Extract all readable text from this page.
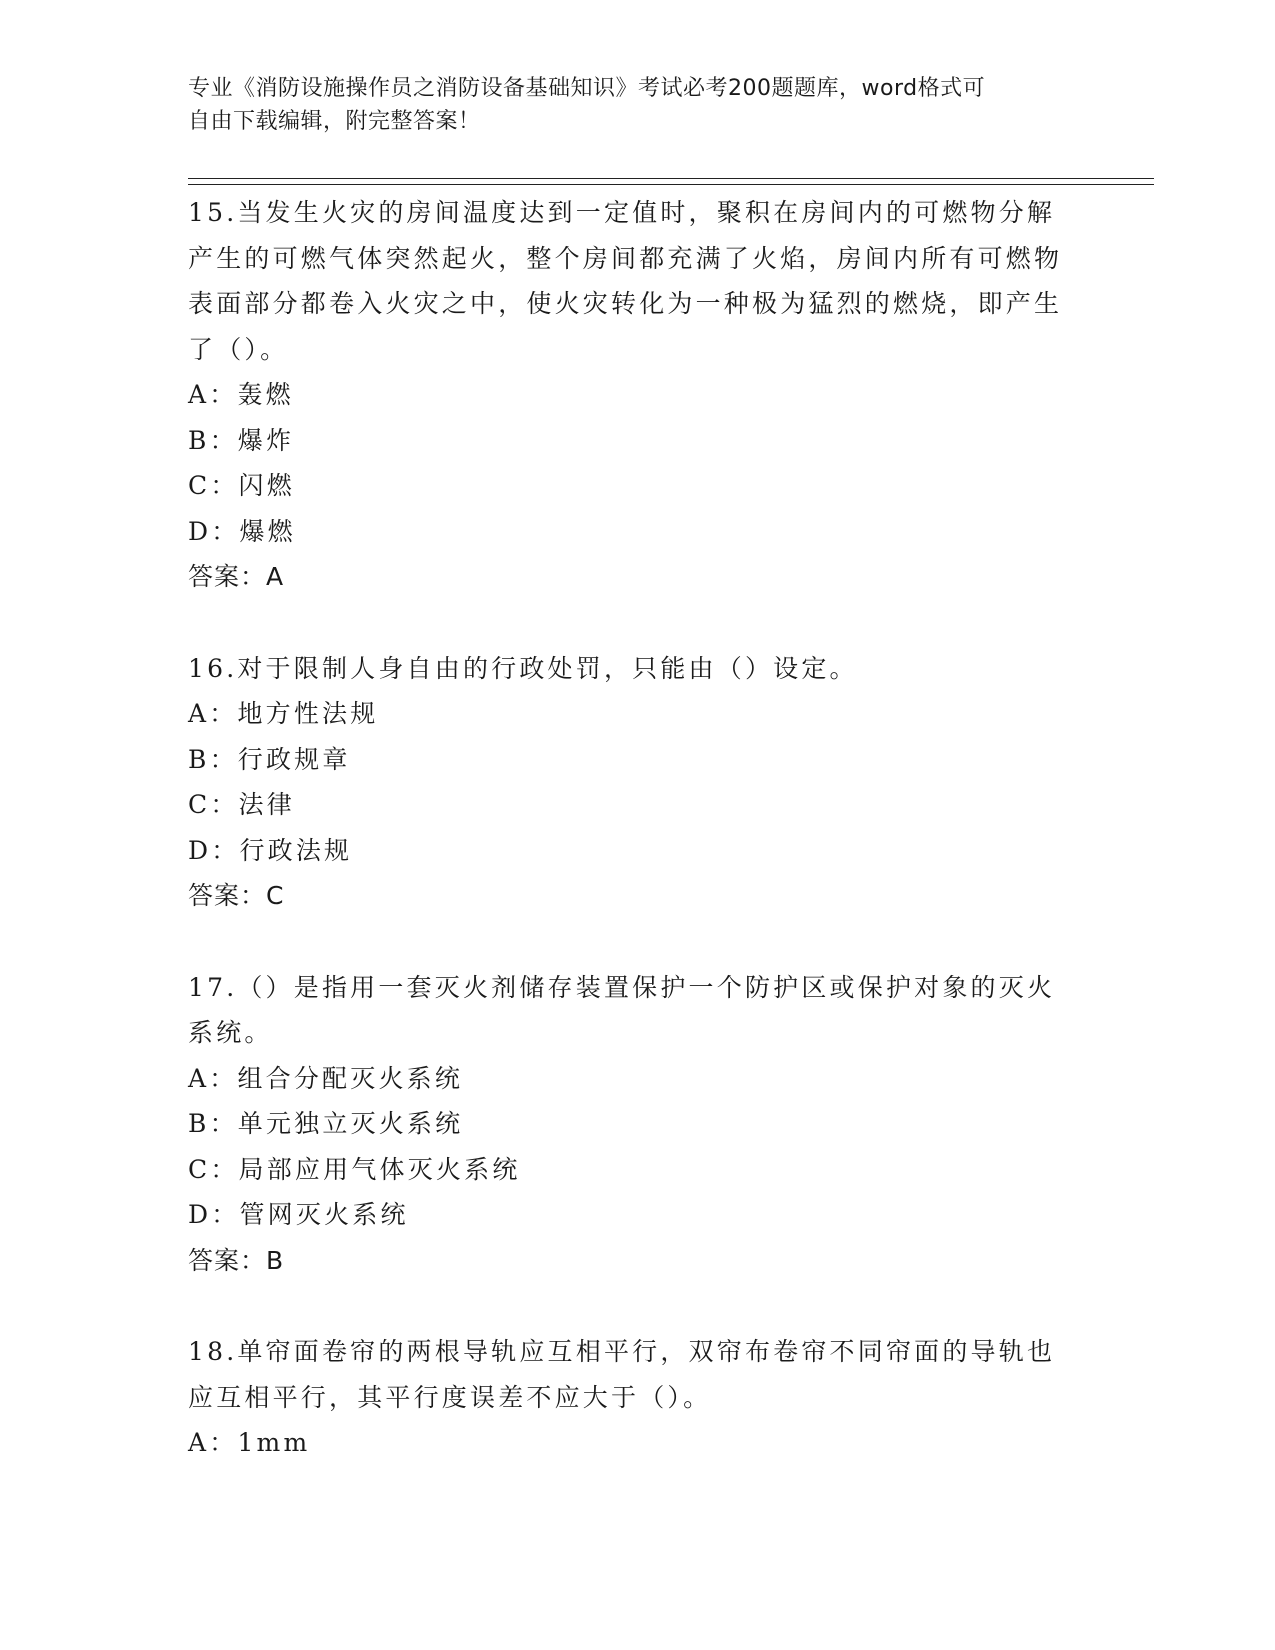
专业《消防设施操作员之消防设备基础知识》考试必考200题题库，word格式可
自由下载编辑，附完整答案！
15.当发生火灾的房间温度达到一定值时，聚积在房间内的可燃物分解产生的可燃气体突然起火，整个房间都充满了火焰，房间内所有可燃物表面部分都卷入火灾之中，使火灾转化为一种极为猛烈的燃烧，即产生了（）。
A：轰燃
B：爆炸
C：闪燃
D：爆燃
答案：A
16.对于限制人身自由的行政处罚，只能由（）设定。
A：地方性法规
B：行政规章
C：法律
D：行政法规
答案：C
17.（）是指用一套灭火剂储存装置保护一个防护区或保护对象的灭火系统。
A：组合分配灭火系统
B：单元独立灭火系统
C：局部应用气体灭火系统
D：管网灭火系统
答案：B
18.单帘面卷帘的两根导轨应互相平行，双帘布卷帘不同帘面的导轨也应互相平行，其平行度误差不应大于（）。
A：1mm
